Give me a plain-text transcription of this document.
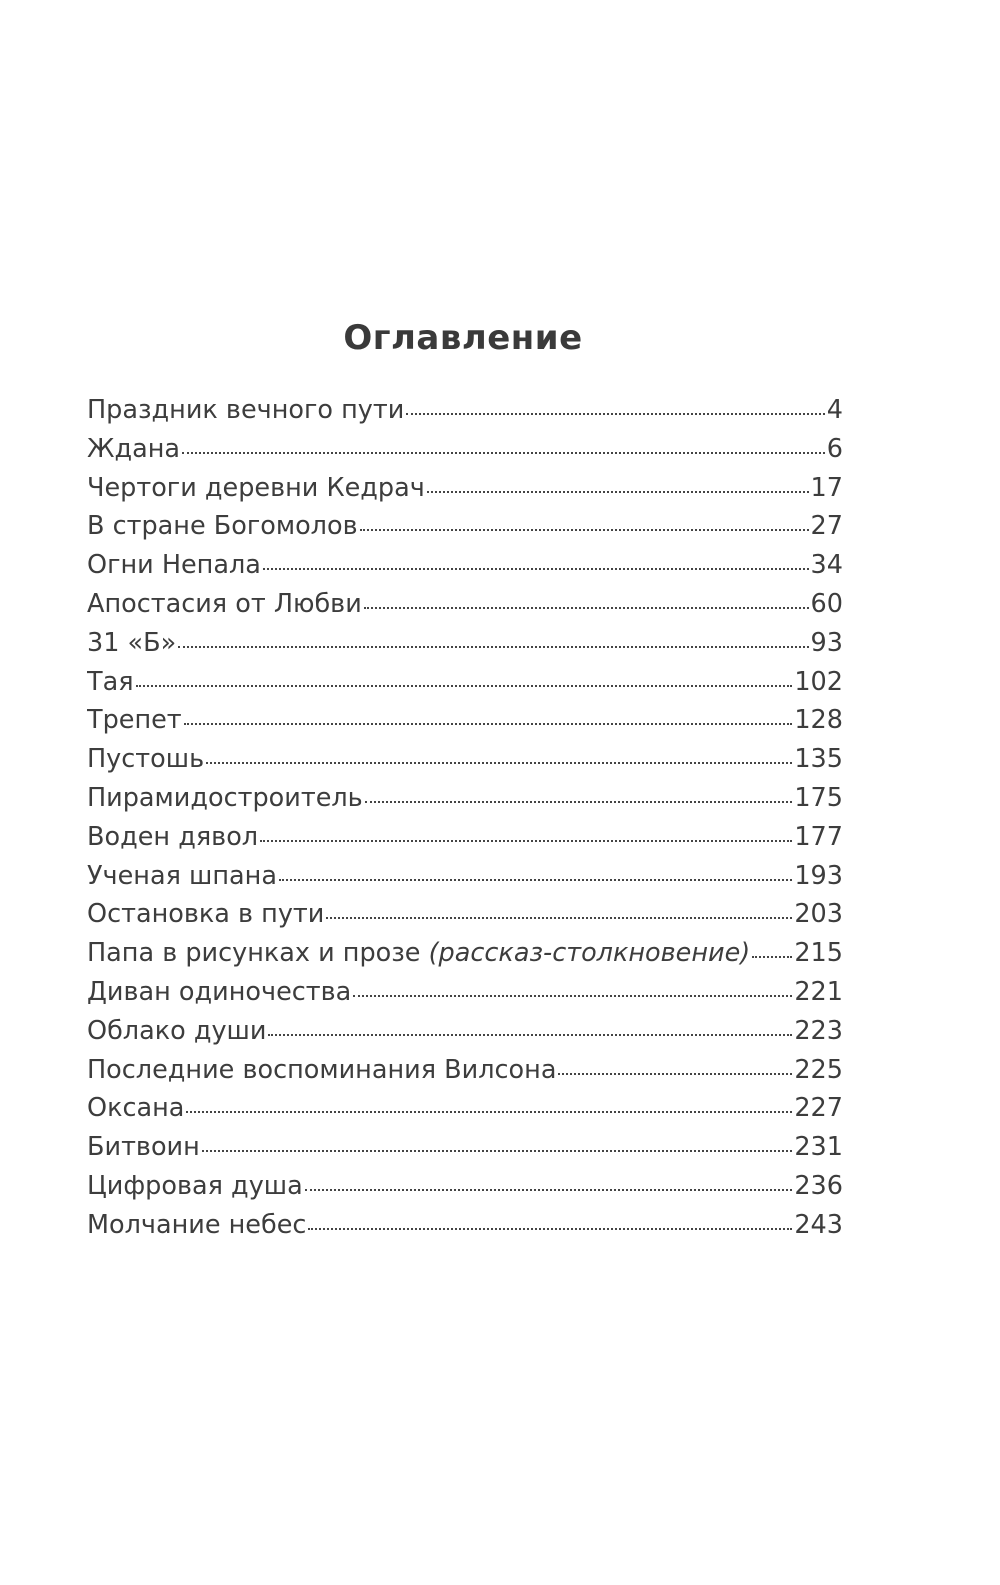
Оглавление
Праздник вечного пути	4
Ждана	6
Чертоги деревни Кедрач	17
В стране Богомолов	27
Огни Непала	34
Апостасия от Любви	60
31 «Б»	93
Тая	102
Трепет	128
Пустошь	135
Пирамидостроитель	175
Воден дявол	177
Ученая шпана	193
Остановка в пути	203
Папа в рисунках и прозе (рассказ-столкновение) 215
Диван одиночества	221
Облако души	223
Последние воспоминания Вилсона	225
Оксана	227
Битвоин	231
Цифровая душа	236
Молчание небес	243
